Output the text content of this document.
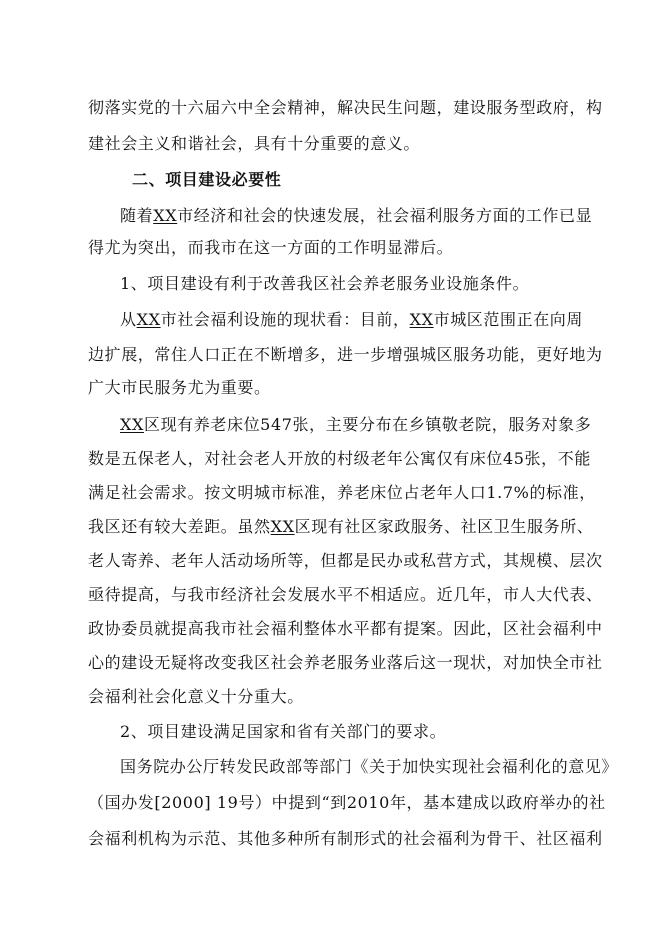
彻落实党的十六届六中全会精神，解决民生问题，建设服务型政府，构
建社会主义和谐社会，具有十分重要的意义。
二、项目建设必要性
随着XX市经济和社会的快速发展，社会福利服务方面的工作已显
得尤为突出，而我市在这一方面的工作明显滞后。
1、项目建设有利于改善我区社会养老服务业设施条件。
从XX市社会福利设施的现状看：目前，XX市城区范围正在向周
边扩展，常住人口正在不断增多，进一步增强城区服务功能，更好地为
广大市民服务尤为重要。
XX区现有养老床位547张，主要分布在乡镇敬老院，服务对象多
数是五保老人，对社会老人开放的村级老年公寓仅有床位45张，不能
满足社会需求。按文明城市标准，养老床位占老年人口1.7%的标准，
我区还有较大差距。虽然XX区现有社区家政服务、社区卫生服务所、
老人寄养、老年人活动场所等，但都是民办或私营方式，其规模、层次
亟待提高，与我市经济社会发展水平不相适应。近几年，市人大代表、
政协委员就提高我市社会福利整体水平都有提案。因此，区社会福利中
心的建设无疑将改变我区社会养老服务业落后这一现状，对加快全市社
会福利社会化意义十分重大。
2、项目建设满足国家和省有关部门的要求。
国务院办公厅转发民政部等部门《关于加快实现社会福利化的意见》
（国办发[2000] 19号）中提到“到2010年，基本建成以政府举办的社
会福利机构为示范、其他多种所有制形式的社会福利为骨干、社区福利
